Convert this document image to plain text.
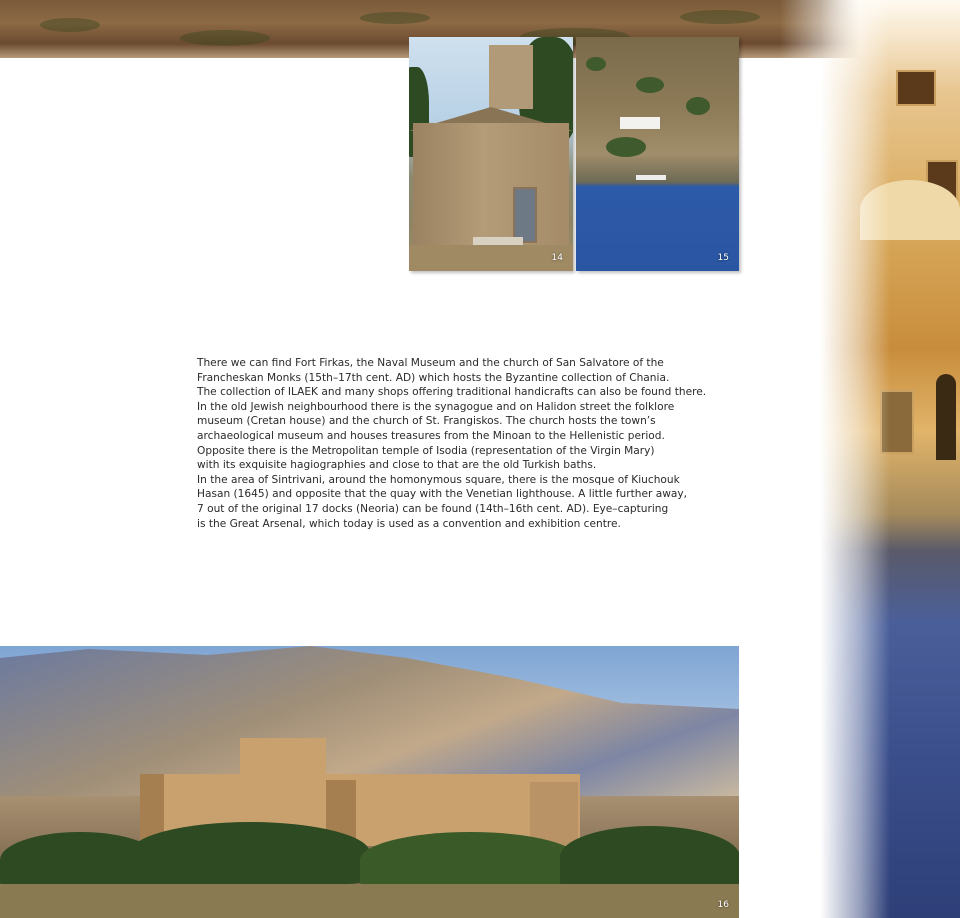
14	15

There we can find Fort Firkas, the Naval Museum and the church of San Salvatore of the

Francheskan Monks (15th–17th cent. AD) which hosts the Byzantine collection of Chania.

The collection of ILAEK and many shops offering traditional handicrafts can also be found there.

In the old Jewish neighbourhood there is the synagogue and on Halidon street the folklore

museum (Cretan house) and the church of St. Frangiskos. The church hosts the town’s

archaeological museum and houses treasures from the Minoan to the Hellenistic period.

Opposite there is the Metropolitan temple of Isodia (representation of the Virgin Mary)

with its exquisite hagiographies and close to that are the old Turkish baths.

In the area of Sintrivani, around the homonymous square, there is the mosque of Kiuchouk

Hasan (1645) and opposite that the quay with the Venetian lighthouse. A little further away,

7 out of the original 17 docks (Neoria) can be found (14th–16th cent. AD). Eye–capturing

is the Great Arsenal, which today is used as a convention and exhibition centre.

16
